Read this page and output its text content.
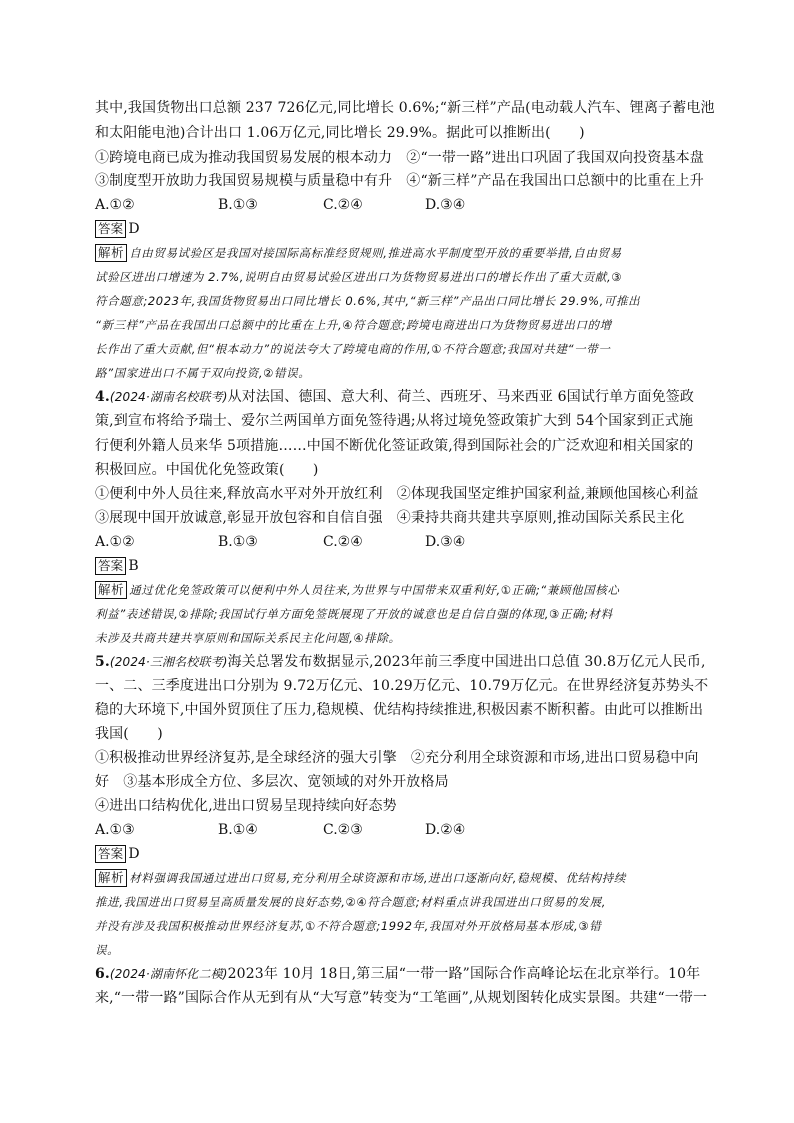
其中,我国货物出口总额 237 726亿元,同比增长 0.6%;“新三样”产品(电动载人汽车、锂离子蓄电池
和太阳能电池)合计出口 1.06万亿元,同比增长 29.9%。据此可以推断出(　　)
①跨境电商已成为推动我国贸易发展的根本动力　②“一带一路”进出口巩固了我国双向投资基本盘
③制度型开放助力我国贸易规模与质量稳中有升　④“新三样”产品在我国出口总额中的比重在上升
A.①②	B.①③	C.②④	D.③④
答案 D
解析 自由贸易试验区是我国对接国际高标准经贸规则,推进高水平制度型开放的重要举措,自由贸易
试验区进出口增速为 2.7%,说明自由贸易试验区进出口为货物贸易进出口的增长作出了重大贡献,③
符合题意;2023年,我国货物贸易出口同比增长 0.6%,其中,“新三样”产品出口同比增长 29.9%,可推出
“新三样”产品在我国出口总额中的比重在上升,④符合题意;跨境电商进出口为货物贸易进出口的增
长作出了重大贡献,但“根本动力”的说法夸大了跨境电商的作用,①不符合题意;我国对共建“一带一
路”国家进出口不属于双向投资,②错误。
4.(2024·湖南名校联考)从对法国、德国、意大利、荷兰、西班牙、马来西亚 6国试行单方面免签政
策,到宣布将给予瑞士、爱尔兰两国单方面免签待遇;从将过境免签政策扩大到 54个国家到正式施
行便利外籍人员来华 5项措施……中国不断优化签证政策,得到国际社会的广泛欢迎和相关国家的
积极回应。中国优化免签政策(　　)
①便利中外人员往来,释放高水平对外开放红利　②体现我国坚定维护国家利益,兼顾他国核心利益
③展现中国开放诚意,彰显开放包容和自信自强　④秉持共商共建共享原则,推动国际关系民主化
A.①②	B.①③	C.②④	D.③④
答案 B
解析 通过优化免签政策可以便利中外人员往来,为世界与中国带来双重利好,①正确;“兼顾他国核心
利益”表述错误,②排除;我国试行单方面免签既展现了开放的诚意也是自信自强的体现,③正确;材料
未涉及共商共建共享原则和国际关系民主化问题,④排除。
5.(2024·三湘名校联考)海关总署发布数据显示,2023年前三季度中国进出口总值 30.8万亿元人民币,
一、二、三季度进出口分别为 9.72万亿元、10.29万亿元、10.79万亿元。在世界经济复苏势头不
稳的大环境下,中国外贸顶住了压力,稳规模、优结构持续推进,积极因素不断积蓄。由此可以推断出
我国(　　)
①积极推动世界经济复苏,是全球经济的强大引擎　②充分利用全球资源和市场,进出口贸易稳中向
好　③基本形成全方位、多层次、宽领域的对外开放格局
④进出口结构优化,进出口贸易呈现持续向好态势
A.①③	B.①④	C.②③	D.②④
答案 D
解析 材料强调我国通过进出口贸易,充分利用全球资源和市场,进出口逐渐向好,稳规模、优结构持续
推进,我国进出口贸易呈高质量发展的良好态势,②④符合题意;材料重点讲我国进出口贸易的发展,
并没有涉及我国积极推动世界经济复苏,①不符合题意;1992年,我国对外开放格局基本形成,③错
误。
6.(2024·湖南怀化二模)2023年 10月 18日,第三届“一带一路”国际合作高峰论坛在北京举行。10年
来,“一带一路”国际合作从无到有从“大写意”转变为“工笔画”,从规划图转化成实景图。共建“一带一
